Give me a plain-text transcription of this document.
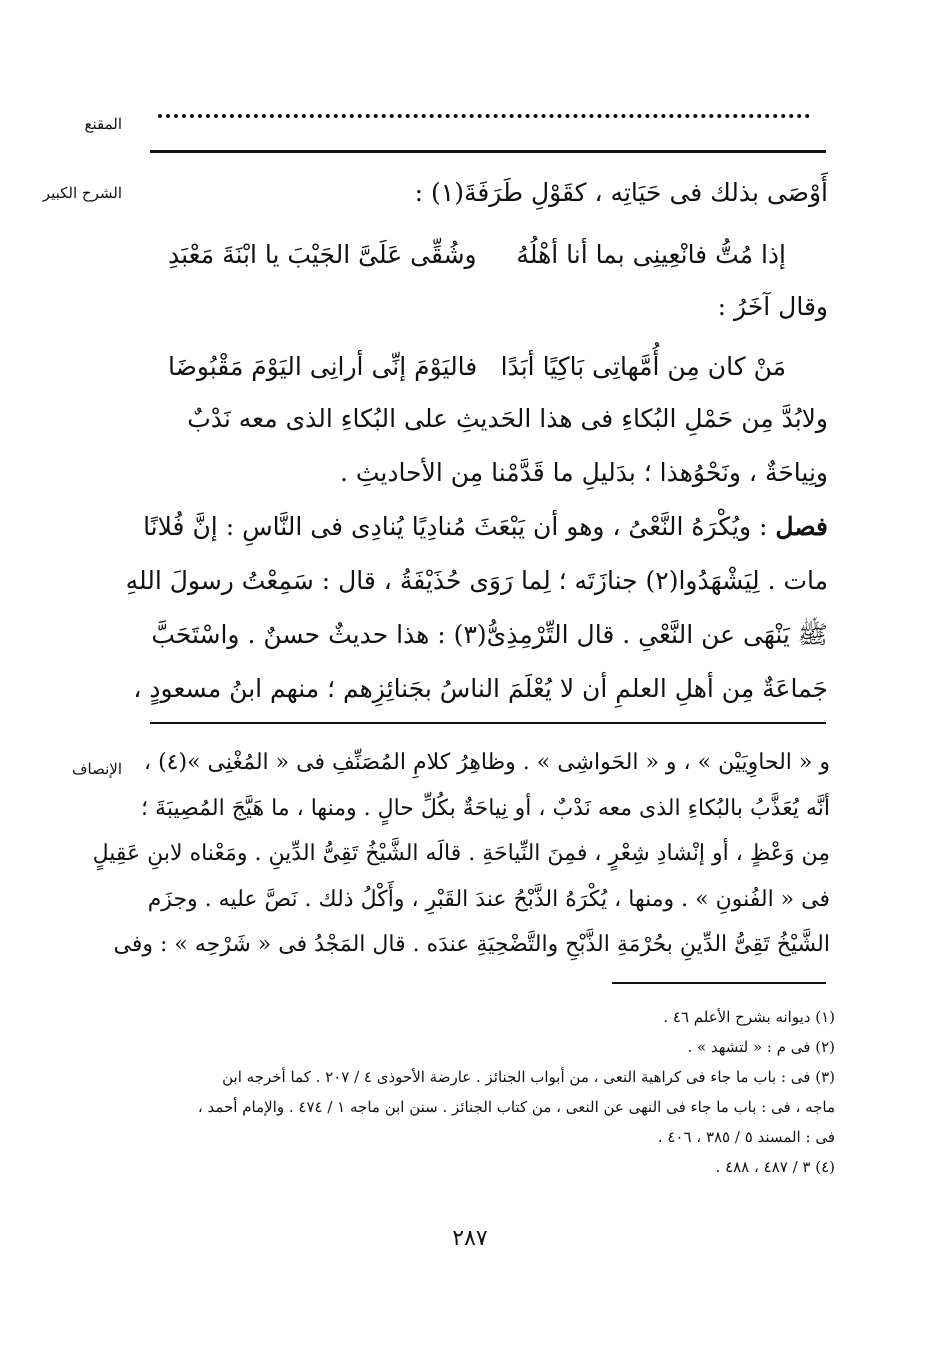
المقنع
الشرح الكبير	أَوْصَى بذلك فى حَيَاتِه ، كقَوْلِ طَرَفَةَ(١) :
إذا مُتُّ فانْعِينِى بما أنا أهْلُهُ
وشُقِّى عَلَىَّ الجَيْبَ يا ابْنَةَ مَعْبَدِ
وقال آخَرُ :
مَنْ كان مِن أُمَّهاتِى بَاكِيًا أبَدًا
فاليَوْمَ إنِّى أرانِى اليَوْمَ مَقْبُوضَا
ولابُدَّ مِن حَمْلِ البُكاءِ فى هذا الحَديثِ على البُكاءِ الذى معه نَدْبٌ
ونِياحَةٌ ، ونَحْوُهذا ؛ بدَليلِ ما قَدَّمْنا مِن الأحاديثِ .
فصل : ويُكْرَهُ النَّعْىُ ، وهو أن يَبْعَثَ مُنادِيًا يُنادِى فى النَّاسِ : إنَّ فُلانًا
مات . لِيَشْهَدُوا(٢) جنازَتَه ؛ لِما رَوَى حُذَيْفَةُ ، قال : سَمِعْتُ رسولَ اللهِ
ﷺ يَنْهَى عن النَّعْىِ . قال التِّرْمِذِىُّ(٣) : هذا حديثٌ حسنٌ . واسْتَحَبَّ
جَماعَةٌ مِن أهلِ العلمِ أن لا يُعْلَمَ الناسُ بجَنائِزِهم ؛ منهم ابنُ مسعودٍ ،
الإنصاف و « الحاوِيَيْن » ، و « الحَواشِى » . وظاهِرُ كلامِ المُصَنِّفِ فى « المُغْنِى »(٤) ،
أنَّه يُعَذَّبُ بالبُكاءِ الذى معه نَدْبٌ ، أو نِياحَةٌ بكُلِّ حالٍ . ومنها ، ما هَيَّجَ المُصِيبَةَ ؛
مِن وَعْظٍ ، أو إنْشادِ شِعْرٍ ، فمِنَ النِّياحَةِ . قالَه الشَّيْخُ تَقِىُّ الدِّينِ . ومَعْناه لابنِ عَقِيلٍ
فى « الفُنونِ » . ومنها ، يُكْرَهُ الذَّبْحُ عندَ القَبْرِ ، وأَكْلُ ذلك . نَصَّ عليه . وجزَم
الشَّيْخُ تَقِىُّ الدِّينِ بحُرْمَةِ الذَّبْحِ والتَّضْحِيَةِ عندَه . قال المَجْدُ فى « شَرْحِه » : وفى
(١) ديوانه بشرح الأعلم ٤٦ .
(٢) فى م : « لتشهد » .
(٣) فى : باب ما جاء فى كراهية النعى ، من أبواب الجنائز . عارضة الأحوذى ٤ / ٢٠٧ . كما أخرجه ابن
ماجه ، فى : باب ما جاء فى النهى عن النعى ، من كتاب الجنائز . سنن ابن ماجه ١ / ٤٧٤ . والإمام أحمد ،
فى : المسند ٥ / ٣٨٥ ، ٤٠٦ .
(٤) ٣ / ٤٨٧ ، ٤٨٨ .
٢٨٧
